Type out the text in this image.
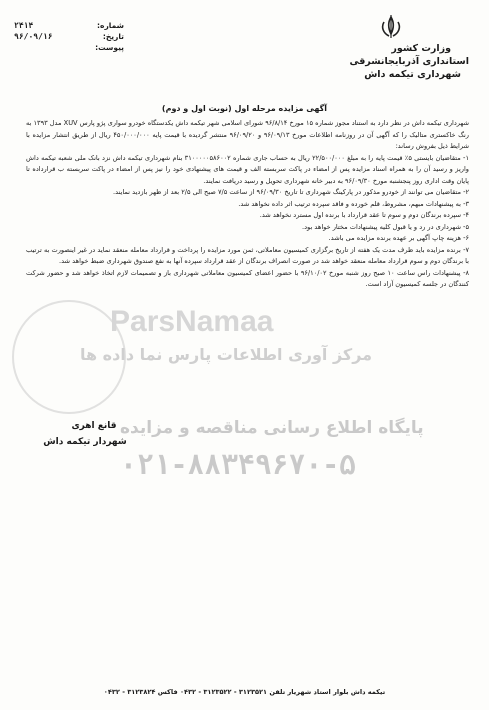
شماره:
۲۴۱۴
تاریخ:
۹۶/۰۹/۱۶
پیوست:	وزارت کشور
استانداری آذربایجانشرقی
شهرداری تیکمه داش
آگهی مزایده مرحله اول (نوبت اول و دوم)

شهرداری تیکمه داش در نظر دارد به استناد مجوز شماره ۱۵ مورخ ۹۶/۸/۱۴ شورای اسلامی شهر تیکمه داش یکدستگاه خودرو سواری پژو پارس XUV مدل ۱۳۹۳ به رنگ خاکستری متالیک را که آگهی آن در روزنامه اطلاعات مورخ ۹۶/۰۹/۱۳ و ۹۶/۰۹/۲۰ منتشر گردیده با قیمت پایه ۴۵۰/۰۰۰/۰۰۰ ریال از طریق انتشار مزایده با شرایط ذیل بفروش رساند:

۱- متقاضیان بایستی ۵٪ قیمت پایه را به مبلغ ۲۲/۵۰۰/۰۰۰ ریال به حساب جاری شماره ۳۱۰۰۰۰۰۵۸۶۰۰۲ بنام شهرداری تیکمه داش نزد بانک ملی شعبه تیکمه داش واریز و رسید آن را به همراه اسناد مزایده پس از امضاء در پاکت سربسته الف و قیمت های پیشنهادی خود را نیز پس از امضاء در پاکت سربسته ب قرارداده تا پایان وقت اداری روز پنجشنبه مورخ ۹۶/۰۹/۳۰ به دبیر خانه شهرداری تحویل و رسید دریافت نمایند.

۲- متقاضیان می توانند از خودرو مذکور در پارکینگ شهرداری تا تاریخ ۹۶/۰۹/۳۰ از ساعت ۷/۵ صبح الی ۲/۵ بعد از ظهر بازدید نمایند.

۳- به پیشنهادات مبهم، مشروط، قلم خورده و فاقد سپرده ترتیب اثر داده نخواهد شد.

۴- سپرده برندگان دوم و سوم تا عقد قرارداد با برنده اول مسترد نخواهد شد.

۵- شهرداری در رد و یا قبول کلیه پیشنهادات مختار خواهد بود.

۶- هزینه چاپ آگهی بر عهده برنده مزایده می باشد.

۷- برنده مزایده باید ظرف مدت یک هفته از تاریخ برگزاری کمیسیون معاملاتی، ثمن مورد مزایده را پرداخت و قرارداد معامله منعقد نماید در غیر اینصورت به ترتیب با برندگان دوم و سوم قرارداد معامله منعقد خواهد شد در صورت انصراف برندگان از عقد قرارداد سپرده آنها به نفع صندوق شهرداری ضبط خواهد شد.

۸- پیشنهادات راس ساعت ۱۰ صبح روز شنبه مورخ ۹۶/۱۰/۰۲ با حضور اعضای کمیسیون معاملاتی شهرداری باز و تصمیمات لازم اتخاذ خواهد شد و حضور شرکت کنندگان در جلسه کمیسیون آزاد است.

ParsNamaa
مرکز آوری اطلاعات پارس نما داده ها
پایگاه اطلاع رسانی مناقصه و مزایده
۰۲۱-۸۸۳۴۹۶۷۰-۵
قانع اهری
شهردار تیکمه داش
تیکمه داش بلوار استاد شهریار تلفن ۳۱۲۳۵۲۱ - ۳۱۲۳۵۲۲ - ۰۴۳۲ فاکس ۳۱۲۳۸۲۴ - ۰۴۳۲
